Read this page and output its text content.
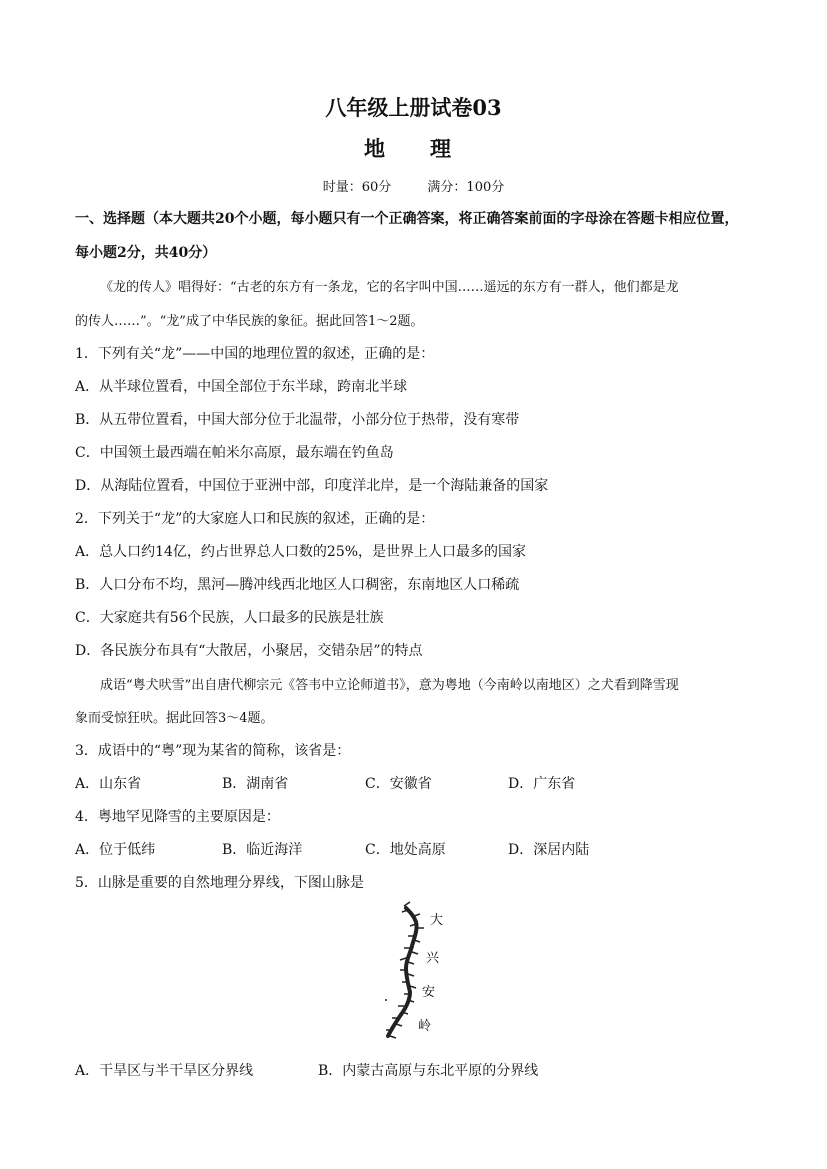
八年级上册试卷03
地　理
时量：60分	满分：100分
一、选择题（本大题共20个小题，每小题只有一个正确答案，将正确答案前面的字母涂在答题卡相应位置，
每小题2分，共40分）
《龙的传人》唱得好：“古老的东方有一条龙，它的名字叫中国……遥远的东方有一群人，他们都是龙
的传人……”。“龙”成了中华民族的象征。据此回答1～2题。
1．下列有关“龙”——中国的地理位置的叙述，正确的是：
A．从半球位置看，中国全部位于东半球，跨南北半球
B．从五带位置看，中国大部分位于北温带，小部分位于热带，没有寒带
C．中国领土最西端在帕米尔高原，最东端在钓鱼岛
D．从海陆位置看，中国位于亚洲中部，印度洋北岸，是一个海陆兼备的国家
2．下列关于“龙”的大家庭人口和民族的叙述，正确的是：
A．总人口约14亿，约占世界总人口数的25%，是世界上人口最多的国家
B．人口分布不均，黑河—腾冲线西北地区人口稠密，东南地区人口稀疏
C．大家庭共有56个民族，人口最多的民族是壮族
D．各民族分布具有“大散居，小聚居，交错杂居”的特点
成语“粤犬吠雪”出自唐代柳宗元《答韦中立论师道书》，意为粤地（今南岭以南地区）之犬看到降雪现
象而受惊狂吠。据此回答3～4题。
3．成语中的“粤”现为某省的简称，该省是：
A．山东省	B．湖南省	C．安徽省	D．广东省
4．粤地罕见降雪的主要原因是：
A．位于低纬	B．临近海洋	C．地处高原	D．深居内陆
5．山脉是重要的自然地理分界线，下图山脉是
大
兴
安
岭
A．干旱区与半干旱区分界线	B．内蒙古高原与东北平原的分界线
